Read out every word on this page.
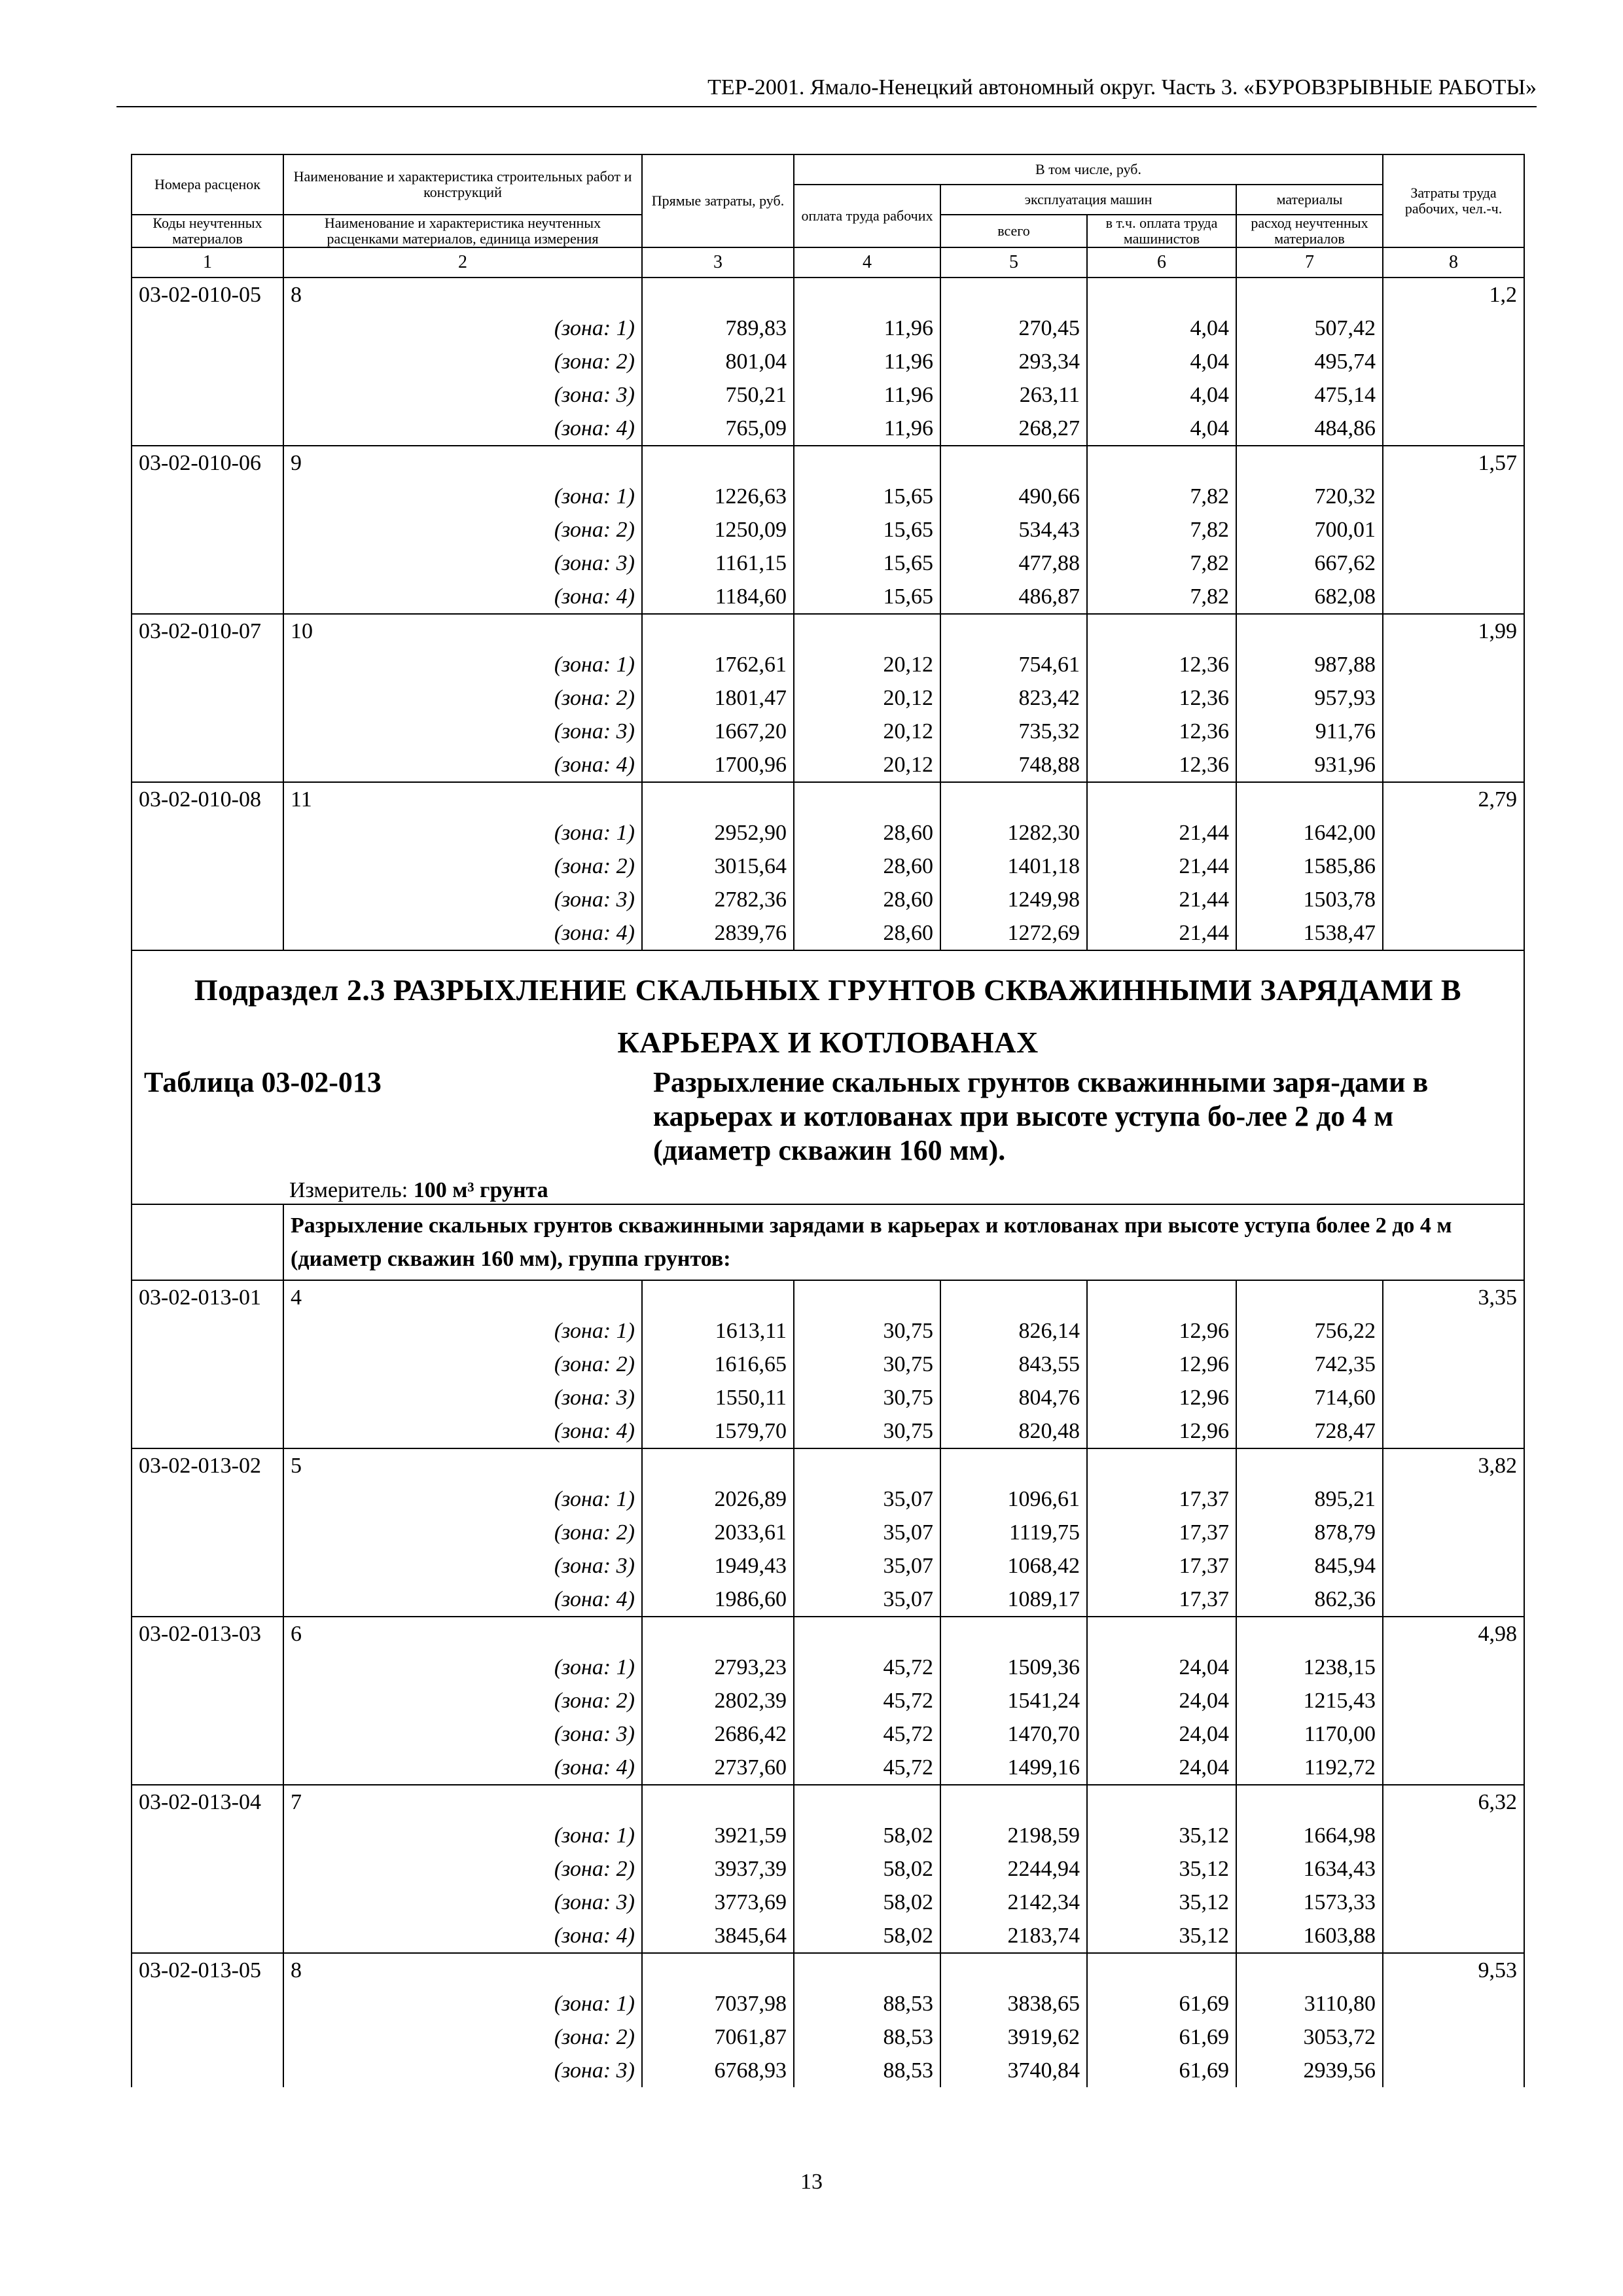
ТЕР-2001. Ямало-Ненецкий автономный округ. Часть 3. «БУРОВЗРЫВНЫЕ РАБОТЫ»
Номера расценок	Наименование и характеристика строительных работ и конструкций	Прямые затраты, руб.	В том числе, руб.				Затраты труда рабочих, чел.-ч.
			оплата труда рабочих	эксплуатация машин		материалы	
Коды неучтенных материалов	Наименование и характеристика неучтенных расценками материалов, единица измерения			всего	в т.ч. оплата труда машинистов	расход неучтенных материалов	

1	2	3	4	5	6	7	8
03-02-010-05	8						1,2
	(зона: 1)	789,83	11,96	270,45	4,04	507,42	
	(зона: 2)	801,04	11,96	293,34	4,04	495,74	
	(зона: 3)	750,21	11,96	263,11	4,04	475,14	
	(зона: 4)	765,09	11,96	268,27	4,04	484,86	
03-02-010-06	9						1,57
	(зона: 1)	1226,63	15,65	490,66	7,82	720,32	
	(зона: 2)	1250,09	15,65	534,43	7,82	700,01	
	(зона: 3)	1161,15	15,65	477,88	7,82	667,62	
	(зона: 4)	1184,60	15,65	486,87	7,82	682,08	
03-02-010-07	10						1,99
	(зона: 1)	1762,61	20,12	754,61	12,36	987,88	
	(зона: 2)	1801,47	20,12	823,42	12,36	957,93	
	(зона: 3)	1667,20	20,12	735,32	12,36	911,76	
	(зона: 4)	1700,96	20,12	748,88	12,36	931,96	
03-02-010-08	11						2,79
	(зона: 1)	2952,90	28,60	1282,30	21,44	1642,00	
	(зона: 2)	3015,64	28,60	1401,18	21,44	1585,86	
	(зона: 3)	2782,36	28,60	1249,98	21,44	1503,78	
	(зона: 4)	2839,76	28,60	1272,69	21,44	1538,47	

Подраздел 2.3 РАЗРЫХЛЕНИЕ СКАЛЬНЫХ ГРУНТОВ СКВАЖИННЫМИ ЗАРЯДАМИ В
КАРЬЕРАХ И КОТЛОВАНАХ
Таблица 03-02-013 Разрыхление скальных грунтов скважинными заря-дами в карьерах и котлованах при высоте уступа бо-лее 2 до 4 м (диаметр скважин 160 мм).
Измеритель: 100 м³ грунта							

	Разрыхление скальных грунтов скважинными зарядами в карьерах и котлованах при высоте уступа более 2 до 4 м (диаметр скважин 160 мм), группа грунтов:						
03-02-013-01	4						3,35
	(зона: 1)	1613,11	30,75	826,14	12,96	756,22	
	(зона: 2)	1616,65	30,75	843,55	12,96	742,35	
	(зона: 3)	1550,11	30,75	804,76	12,96	714,60	
	(зона: 4)	1579,70	30,75	820,48	12,96	728,47	
03-02-013-02	5						3,82
	(зона: 1)	2026,89	35,07	1096,61	17,37	895,21	
	(зона: 2)	2033,61	35,07	1119,75	17,37	878,79	
	(зона: 3)	1949,43	35,07	1068,42	17,37	845,94	
	(зона: 4)	1986,60	35,07	1089,17	17,37	862,36	
03-02-013-03	6						4,98
	(зона: 1)	2793,23	45,72	1509,36	24,04	1238,15	
	(зона: 2)	2802,39	45,72	1541,24	24,04	1215,43	
	(зона: 3)	2686,42	45,72	1470,70	24,04	1170,00	
	(зона: 4)	2737,60	45,72	1499,16	24,04	1192,72	
03-02-013-04	7						6,32
	(зона: 1)	3921,59	58,02	2198,59	35,12	1664,98	
	(зона: 2)	3937,39	58,02	2244,94	35,12	1634,43	
	(зона: 3)	3773,69	58,02	2142,34	35,12	1573,33	
	(зона: 4)	3845,64	58,02	2183,74	35,12	1603,88	
03-02-013-05	8						9,53
	(зона: 1)	7037,98	88,53	3838,65	61,69	3110,80	
	(зона: 2)	7061,87	88,53	3919,62	61,69	3053,72	
	(зона: 3)	6768,93	88,53	3740,84	61,69	2939,56	
13
